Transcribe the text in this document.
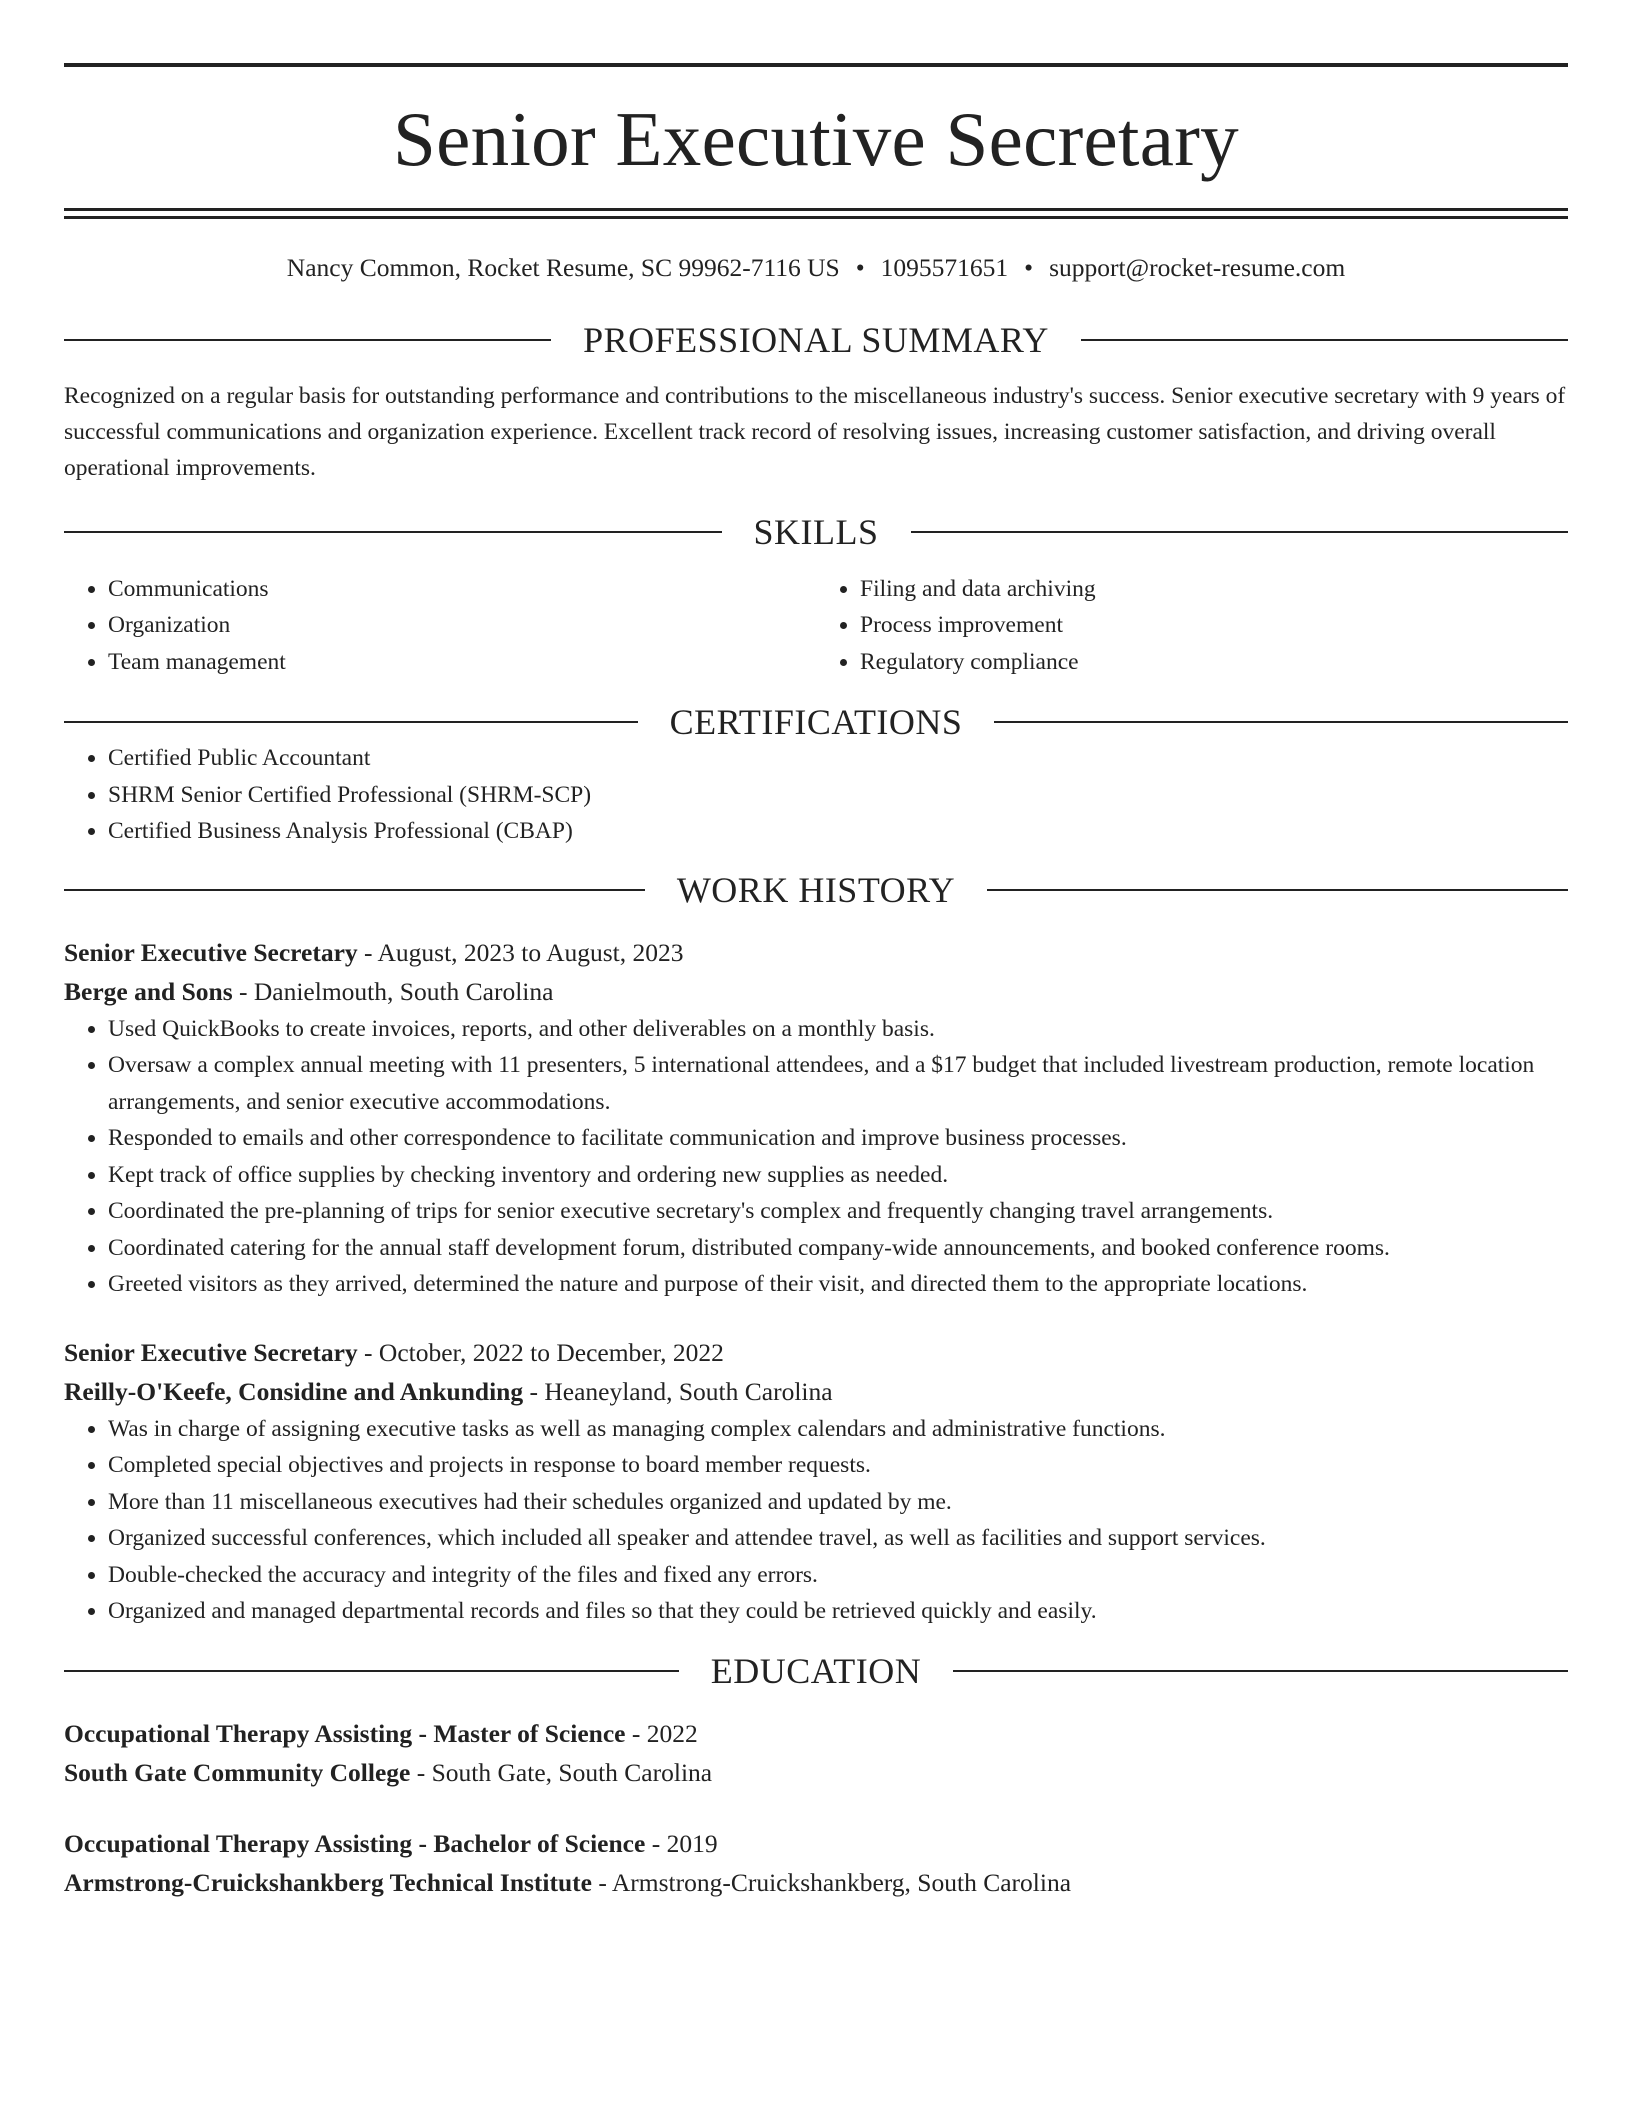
Senior Executive Secretary
Nancy Common, Rocket Resume, SC 99962-7116 US • 1095571651 • support@rocket-resume.com
PROFESSIONAL SUMMARY

Recognized on a regular basis for outstanding performance and contributions to the miscellaneous industry's success. Senior executive secretary with 9 years of successful communications and organization experience. Excellent track record of resolving issues, increasing customer satisfaction, and driving overall operational improvements.

SKILLS
• Communications
• Organization
• Team management
• Filing and data archiving
• Process improvement
• Regulatory compliance
CERTIFICATIONS
• Certified Public Accountant
• SHRM Senior Certified Professional (SHRM-SCP)
• Certified Business Analysis Professional (CBAP)
WORK HISTORY
Senior Executive Secretary - August, 2023 to August, 2023
Berge and Sons - Danielmouth, South Carolina
• Used QuickBooks to create invoices, reports, and other deliverables on a monthly basis.
• Oversaw a complex annual meeting with 11 presenters, 5 international attendees, and a $17 budget that included livestream production, remote location arrangements, and senior executive accommodations.
• Responded to emails and other correspondence to facilitate communication and improve business processes.
• Kept track of office supplies by checking inventory and ordering new supplies as needed.
• Coordinated the pre-planning of trips for senior executive secretary's complex and frequently changing travel arrangements.
• Coordinated catering for the annual staff development forum, distributed company-wide announcements, and booked conference rooms.
• Greeted visitors as they arrived, determined the nature and purpose of their visit, and directed them to the appropriate locations.
Senior Executive Secretary - October, 2022 to December, 2022
Reilly-O'Keefe, Considine and Ankunding - Heaneyland, South Carolina
• Was in charge of assigning executive tasks as well as managing complex calendars and administrative functions.
• Completed special objectives and projects in response to board member requests.
• More than 11 miscellaneous executives had their schedules organized and updated by me.
• Organized successful conferences, which included all speaker and attendee travel, as well as facilities and support services.
• Double-checked the accuracy and integrity of the files and fixed any errors.
• Organized and managed departmental records and files so that they could be retrieved quickly and easily.
EDUCATION
Occupational Therapy Assisting - Master of Science - 2022
South Gate Community College - South Gate, South Carolina
Occupational Therapy Assisting - Bachelor of Science - 2019
Armstrong-Cruickshankberg Technical Institute - Armstrong-Cruickshankberg, South Carolina
